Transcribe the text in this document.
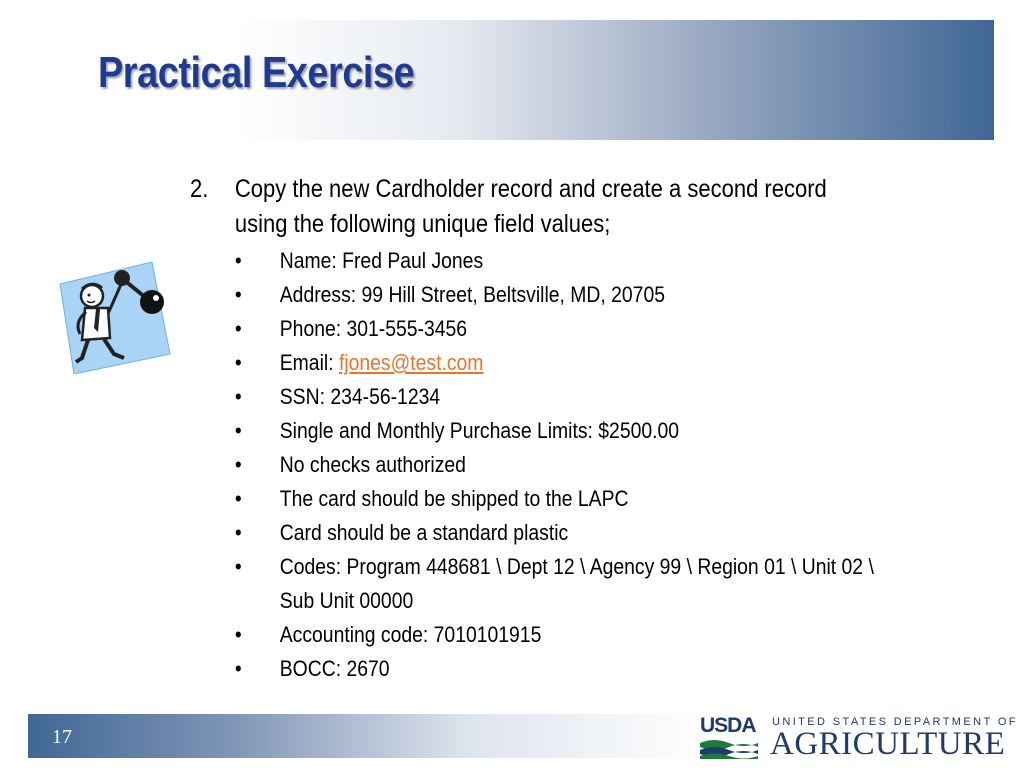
Practical Exercise
2.	Copy the new Cardholder record and create a second record using the following unique field values;
•	Name: Fred Paul Jones
•	Address: 99 Hill Street, Beltsville, MD, 20705
•	Phone: 301-555-3456
•	Email: fjones@test.com
•	SSN: 234-56-1234
•	Single and Monthly Purchase Limits: $2500.00
•	No checks authorized
•	The card should be shipped to the LAPC
•	Card should be a standard plastic
•	Codes: Program 448681 \ Dept 12 \ Agency 99 \ Region 01 \ Unit 02 \ Sub Unit 00000
•	Accounting code: 7010101915
•	BOCC: 2670
17	USDA UNITED STATES DEPARTMENT OF
AGRICULTURE
